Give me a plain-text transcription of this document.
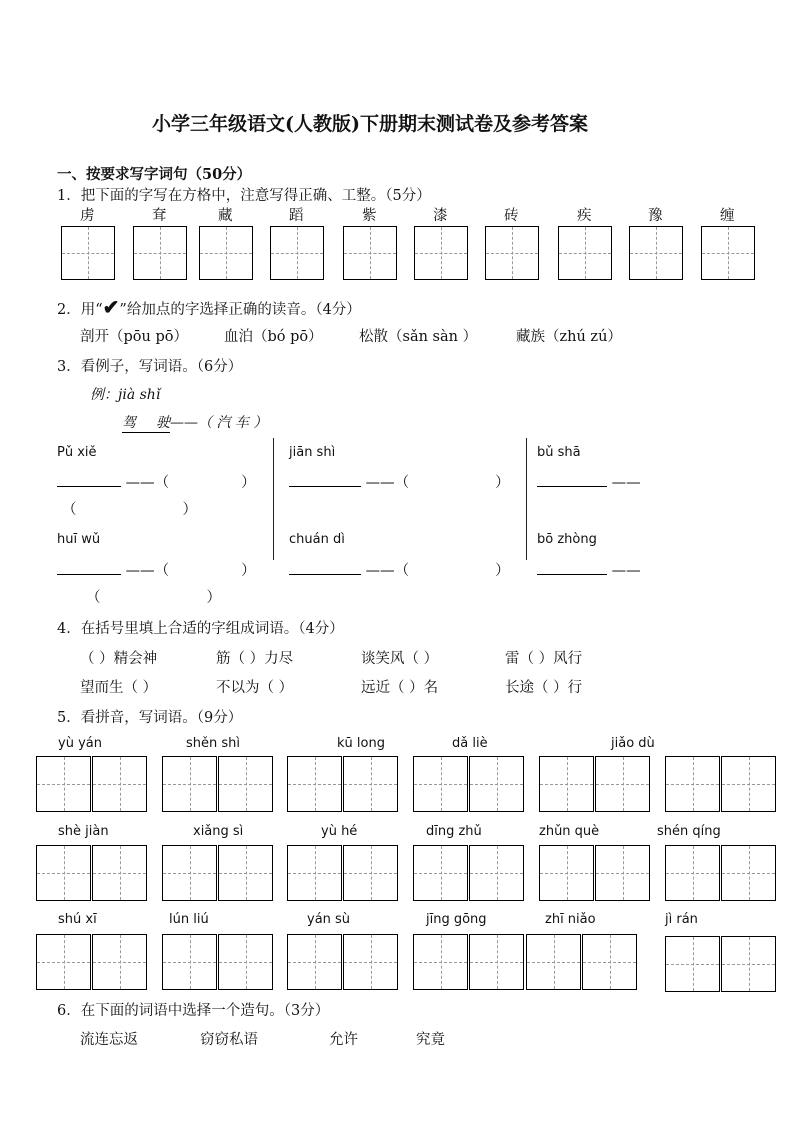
小学三年级语文(人教版)下册期末测试卷及参考答案
一、按要求写字词句（50分）
1．把下面的字写在方格中，注意写得正确、工整。（5分）
虏	耷	藏	蹈	紫	漆	砖	疾	豫	缠
2．用“✔”给加点的字选择正确的读音。（4分）
剖开（pōu pō） 血泊（bó pō）	松散（sǎn sàn ）	藏族（zhú zú）
3．看例子，写词语。（6分）
例：jià shǐ
驾 驶——（ 汽 车 ）
Pǔ xiě	jiān shì	bǔ shā
——（	）	——（	）	——
（	）
huī wǔ	chuán dì	bō zhòng
——（	）	——（	）	——
（	）
4．在括号里填上合适的字组成词语。（4分）
（ ）精会神	筋（ ）力尽	谈笑风（ ）	雷（ ）风行
望而生（ ）	不以为（ ）	远近（ ）名	长途（ ）行
5．看拼音，写词语。（9分）
yù yán	shěn shì	kū long	dǎ liè	jiǎo dù
shè jiàn	xiǎng sì	yù hé	dīng zhǔ	zhǔn què	shén qíng
shú xī	lún liú	yán sù	jīng gōng	zhī niǎo	jì rán
6．在下面的词语中选择一个造句。（3分）
流连忘返	窃窃私语	允许	究竟
